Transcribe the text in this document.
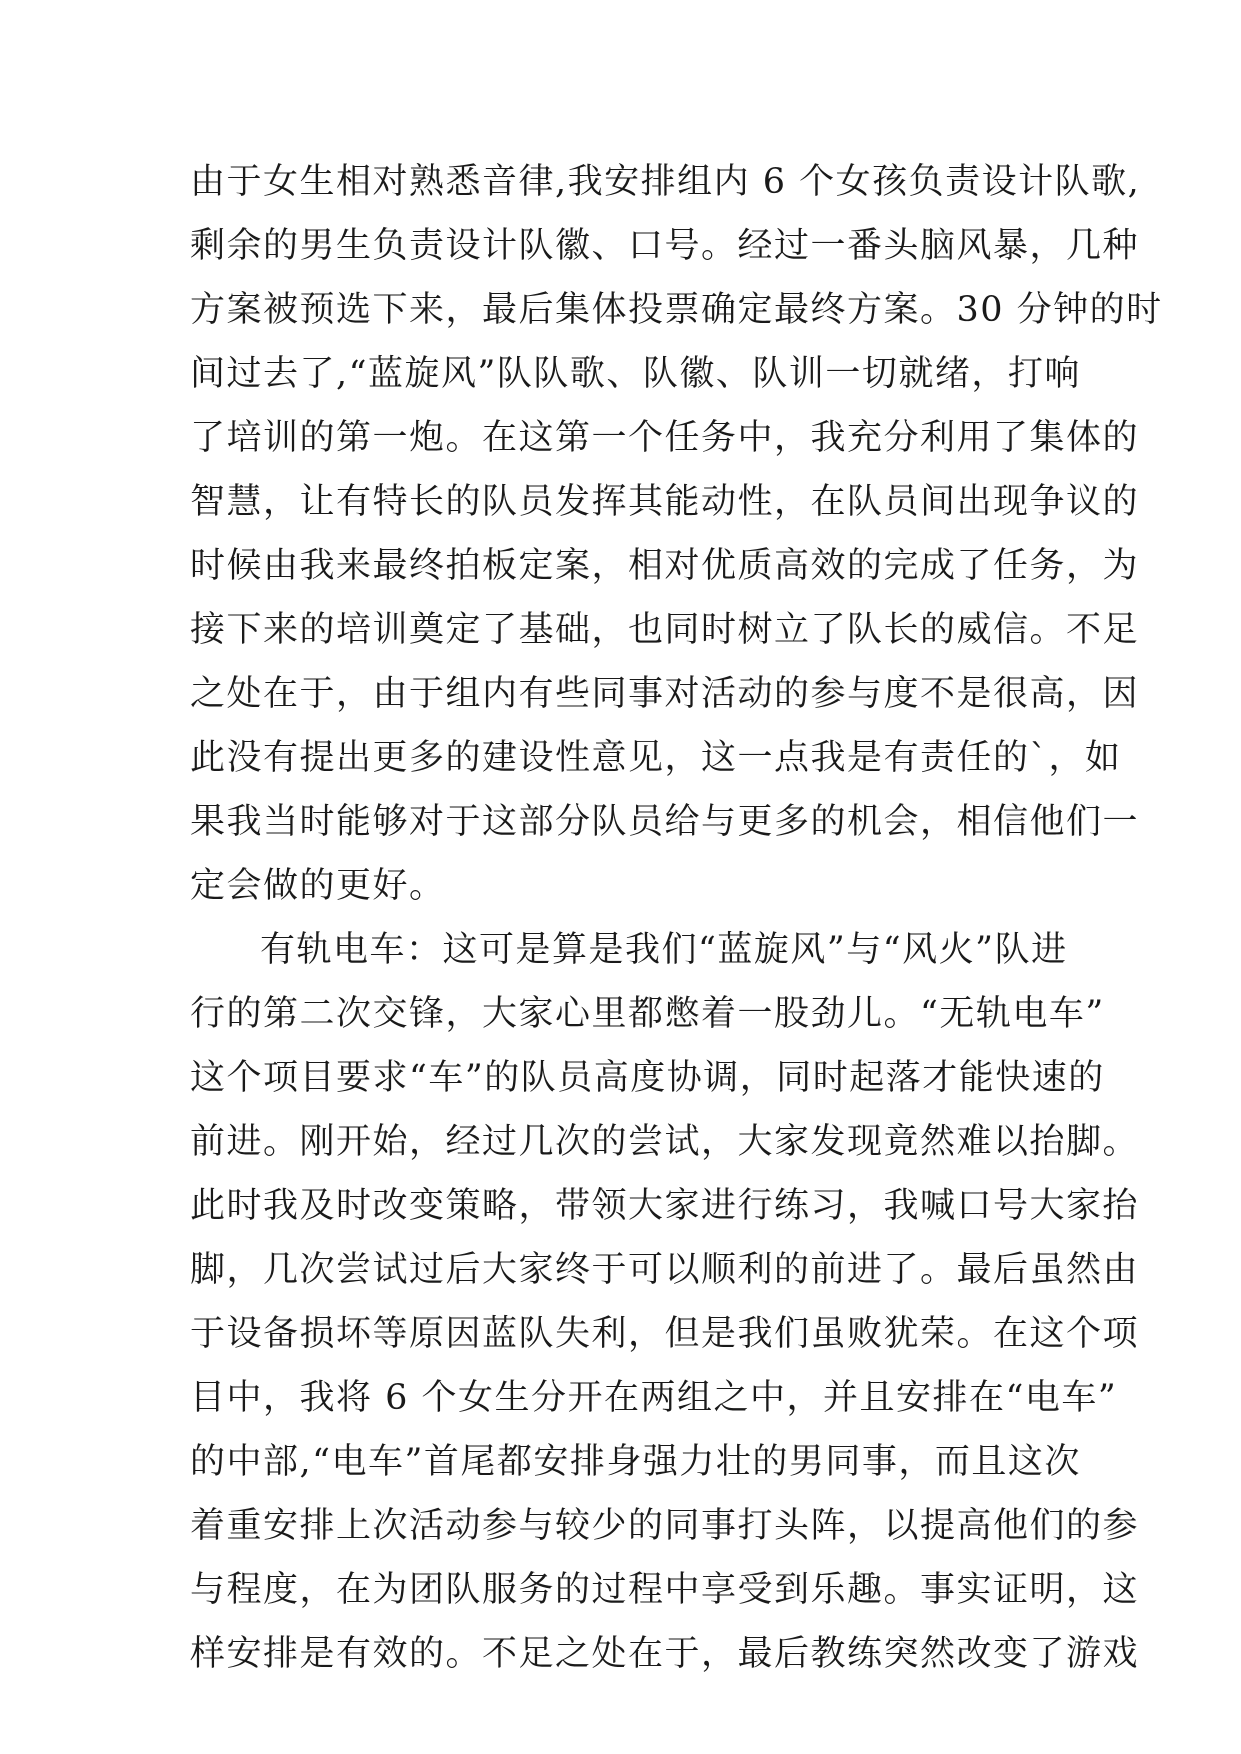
由于女生相对熟悉音律,我安排组内 6 个女孩负责设计队歌,
剩余的男生负责设计队徽、口号。经过一番头脑风暴，几种
方案被预选下来，最后集体投票确定最终方案。30 分钟的时
间过去了,“蓝旋风”队队歌、队徽、队训一切就绪，打响
了培训的第一炮。在这第一个任务中，我充分利用了集体的
智慧，让有特长的队员发挥其能动性，在队员间出现争议的
时候由我来最终拍板定案，相对优质高效的完成了任务，为
接下来的培训奠定了基础，也同时树立了队长的威信。不足
之处在于，由于组内有些同事对活动的参与度不是很高，因
此没有提出更多的建设性意见，这一点我是有责任的`，如
果我当时能够对于这部分队员给与更多的机会，相信他们一
定会做的更好。
有轨电车：这可是算是我们“蓝旋风”与“风火”队进
行的第二次交锋，大家心里都憋着一股劲儿。“无轨电车”
这个项目要求“车”的队员高度协调，同时起落才能快速的
前进。刚开始，经过几次的尝试，大家发现竟然难以抬脚。
此时我及时改变策略，带领大家进行练习，我喊口号大家抬
脚，几次尝试过后大家终于可以顺利的前进了。最后虽然由
于设备损坏等原因蓝队失利，但是我们虽败犹荣。在这个项
目中，我将 6 个女生分开在两组之中，并且安排在“电车”
的中部,“电车”首尾都安排身强力壮的男同事，而且这次
着重安排上次活动参与较少的同事打头阵，以提高他们的参
与程度，在为团队服务的过程中享受到乐趣。事实证明，这
样安排是有效的。不足之处在于，最后教练突然改变了游戏
